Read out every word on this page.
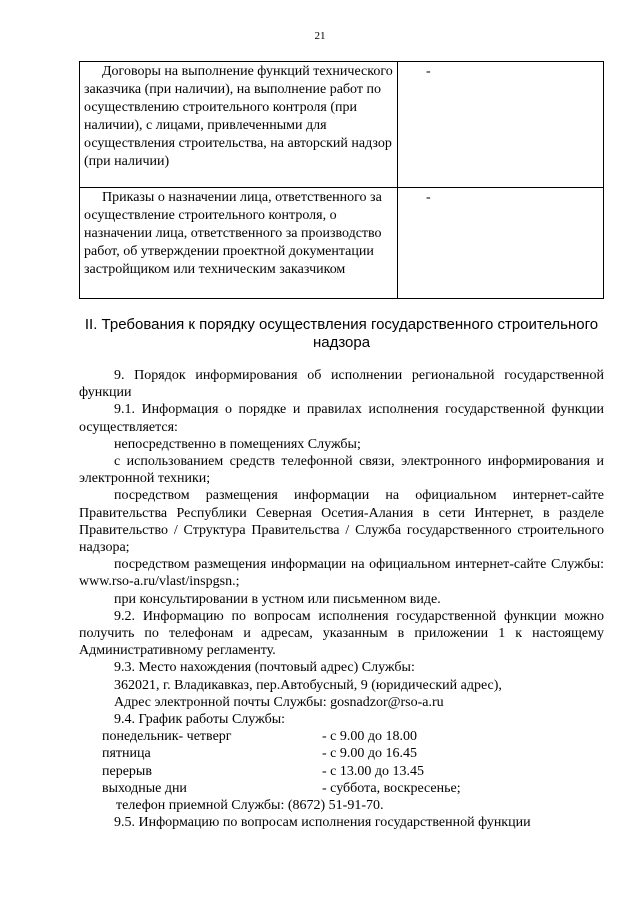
21
Договоры на выполнение функций технического заказчика (при наличии), на выполнение работ по осуществлению строительного контроля (при наличии), с лицами, привлеченными для осуществления строительства, на авторский надзор (при наличии)	-

Приказы о назначении лица, ответственного за осуществление строительного контроля, о назначении лица, ответственного за производство работ, об утверждении проектной документации застройщиком или техническим заказчиком	-
II. Требования к порядку осуществления государственного строительного надзора
9. Порядок информирования об исполнении региональной государственной функции
9.1. Информация о порядке и правилах исполнения государственной функции осуществляется:
непосредственно в помещениях Службы;
с использованием средств телефонной связи, электронного информирования и электронной техники;
посредством размещения информации на официальном интернет-сайте Правительства Республики Северная Осетия-Алания в сети Интернет, в разделе Правительство / Структура Правительства / Служба государственного строительного надзора;
посредством размещения информации на официальном интернет-сайте Службы: www.rso-a.ru/vlast/inspgsn.;
при консультировании в устном или письменном виде.
9.2. Информацию по вопросам исполнения государственной функции можно получить по телефонам и адресам, указанным в приложении 1 к настоящему Административному регламенту.
9.3. Место нахождения (почтовый адрес) Службы:
362021, г. Владикавказ, пер.Автобусный, 9 (юридический адрес),
Адрес электронной почты Службы: gosnadzor@rso-a.ru
9.4. График работы Службы:
понедельник- четверг	- с 9.00 до 18.00
пятница	- с 9.00 до 16.45
перерыв	- с 13.00 до 13.45
выходные дни	- суббота, воскресенье;
телефон приемной Службы: (8672) 51-91-70.
9.5. Информацию по вопросам исполнения государственной функции
